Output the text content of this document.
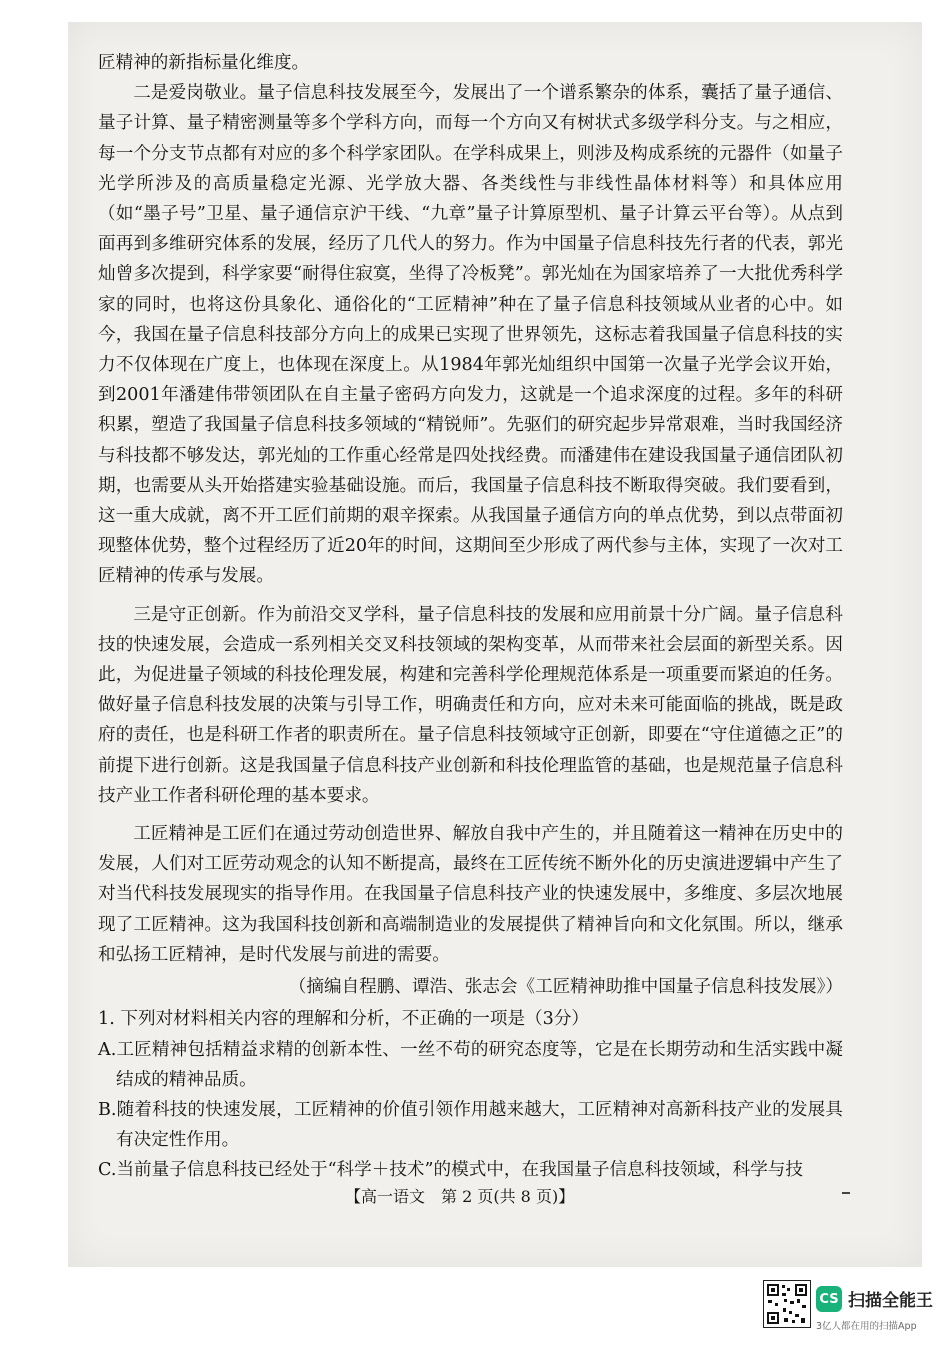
匠精神的新指标量化维度。

二是爱岗敬业。量子信息科技发展至今，发展出了一个谱系繁杂的体系，囊括了量子通信、量子计算、量子精密测量等多个学科方向，而每一个方向又有树状式多级学科分支。与之相应，每一个分支节点都有对应的多个科学家团队。在学科成果上，则涉及构成系统的元器件（如量子光学所涉及的高质量稳定光源、光学放大器、各类线性与非线性晶体材料等）和具体应用（如“墨子号”卫星、量子通信京沪干线、“九章”量子计算原型机、量子计算云平台等）。从点到面再到多维研究体系的发展，经历了几代人的努力。作为中国量子信息科技先行者的代表，郭光灿曾多次提到，科学家要“耐得住寂寞，坐得了冷板凳”。郭光灿在为国家培养了一大批优秀科学家的同时，也将这份具象化、通俗化的“工匠精神”种在了量子信息科技领域从业者的心中。如今，我国在量子信息科技部分方向上的成果已实现了世界领先，这标志着我国量子信息科技的实力不仅体现在广度上，也体现在深度上。从1984年郭光灿组织中国第一次量子光学会议开始，到2001年潘建伟带领团队在自主量子密码方向发力，这就是一个追求深度的过程。多年的科研积累，塑造了我国量子信息科技多领域的“精锐师”。先驱们的研究起步异常艰难，当时我国经济与科技都不够发达，郭光灿的工作重心经常是四处找经费。而潘建伟在建设我国量子通信团队初期，也需要从头开始搭建实验基础设施。而后，我国量子信息科技不断取得突破。我们要看到，这一重大成就，离不开工匠们前期的艰辛探索。从我国量子通信方向的单点优势，到以点带面初现整体优势，整个过程经历了近20年的时间，这期间至少形成了两代参与主体，实现了一次对工匠精神的传承与发展。

三是守正创新。作为前沿交叉学科，量子信息科技的发展和应用前景十分广阔。量子信息科技的快速发展，会造成一系列相关交叉科技领域的架构变革，从而带来社会层面的新型关系。因此，为促进量子领域的科技伦理发展，构建和完善科学伦理规范体系是一项重要而紧迫的任务。做好量子信息科技发展的决策与引导工作，明确责任和方向，应对未来可能面临的挑战，既是政府的责任，也是科研工作者的职责所在。量子信息科技领域守正创新，即要在“守住道德之正”的前提下进行创新。这是我国量子信息科技产业创新和科技伦理监管的基础，也是规范量子信息科技产业工作者科研伦理的基本要求。

工匠精神是工匠们在通过劳动创造世界、解放自我中产生的，并且随着这一精神在历史中的发展，人们对工匠劳动观念的认知不断提高，最终在工匠传统不断外化的历史演进逻辑中产生了对当代科技发展现实的指导作用。在我国量子信息科技产业的快速发展中，多维度、多层次地展现了工匠精神。这为我国科技创新和高端制造业的发展提供了精神旨向和文化氛围。所以，继承和弘扬工匠精神，是时代发展与前进的需要。

（摘编自程鹏、谭浩、张志会《工匠精神助推中国量子信息科技发展》）

1. 下列对材料相关内容的理解和分析，不正确的一项是（3分）

A.工匠精神包括精益求精的创新本性、一丝不苟的研究态度等，它是在长期劳动和生活实践中凝结成的精神品质。

B.随着科技的快速发展，工匠精神的价值引领作用越来越大，工匠精神对高新科技产业的发展具有决定性作用。

C.当前量子信息科技已经处于“科学＋技术”的模式中，在我国量子信息科技领域，科学与技

【高一语文　第 2 页(共 8 页)】
CS 扫描全能王
3亿人都在用的扫描App
